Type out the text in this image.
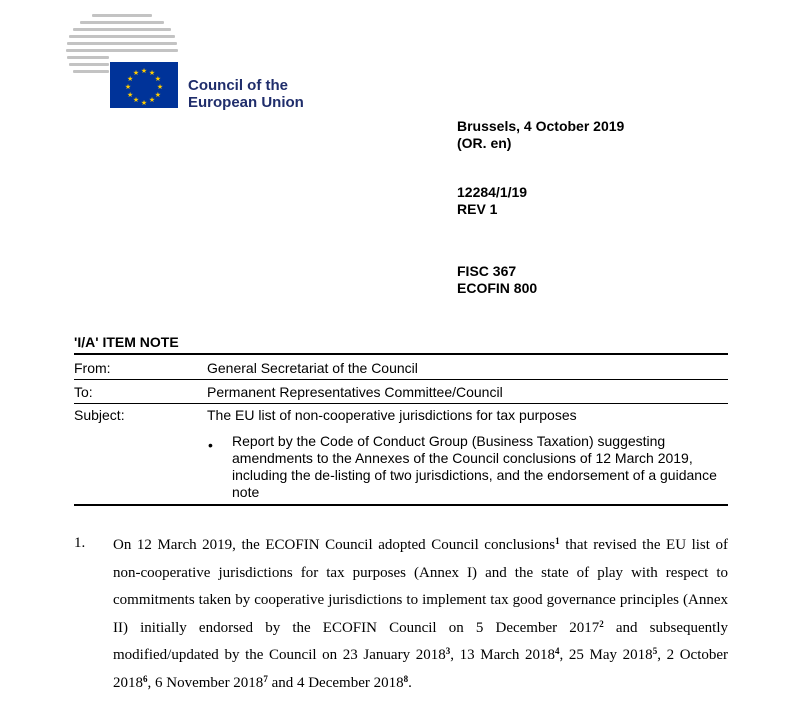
★ ★
★
★
★
★
★
★
★
★
★
★
Council of the
European Union
Brussels, 4 October 2019
(OR. en)
12284/1/19
REV 1
FISC 367
ECOFIN 800
'I/A' ITEM NOTE
From:	General Secretariat of the Council
To:	Permanent Representatives Committee/Council
Subject:	The EU list of non-cooperative jurisdictions for tax purposes
• Report by the Code of Conduct Group (Business Taxation) suggesting amendments to the Annexes of the Council conclusions of 12 March 2019, including the de-listing of two jurisdictions, and the endorsement of a guidance note
1. On 12 March 2019, the ECOFIN Council adopted Council conclusions$^1$ that revised the EU list of non-cooperative jurisdictions for tax purposes (Annex I) and the state of play with respect to commitments taken by cooperative jurisdictions to implement tax good governance principles (Annex II) initially endorsed by the ECOFIN Council on 5 December 2017$^2$ and subsequently modified/updated by the Council on 23 January 2018$^3$, 13 March 2018$^4$, 25 May 2018$^5$, 2 October 2018$^6$, 6 November 2018$^7$ and 4 December 2018$^8$.
